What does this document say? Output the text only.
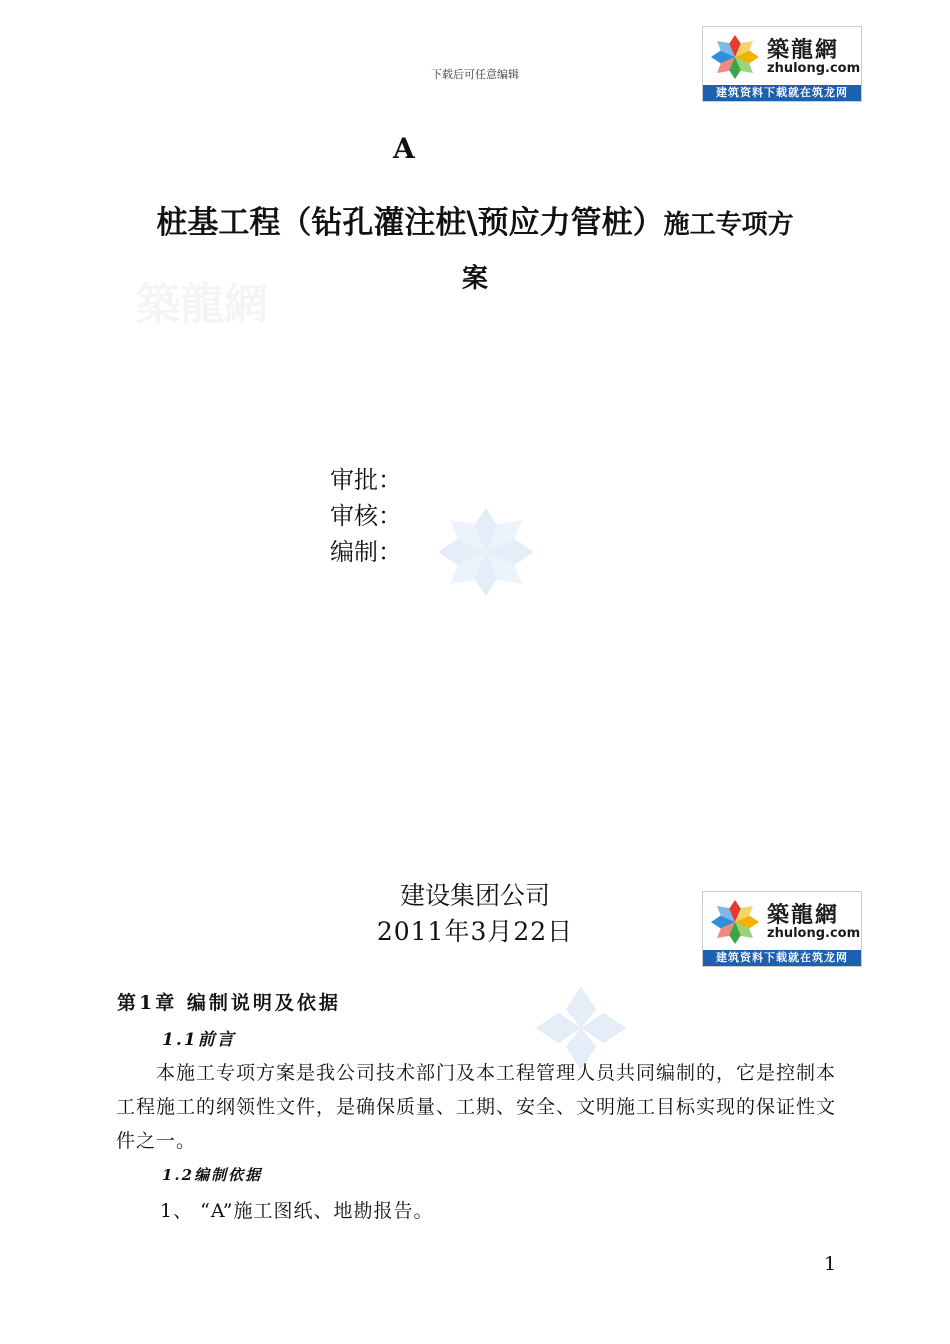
下载后可任意编辑
築龍網
zhulong.com
建筑资料下载就在筑龙网
築龍網
A
桩基工程（钻孔灌注桩\预应力管桩）施工专项方
案
审批：
审核：
编制：
建设集团公司
2011年3月22日
築龍網
zhulong.com
建筑资料下载就在筑龙网
第1章 编制说明及依据
1.1前言
本施工专项方案是我公司技术部门及本工程管理人员共同编制的，它是控制本工程施工的纲领性文件，是确保质量、工期、安全、文明施工目标实现的保证性文件之一。
1.2编制依据
1、 “A”施工图纸、地勘报告。
1
